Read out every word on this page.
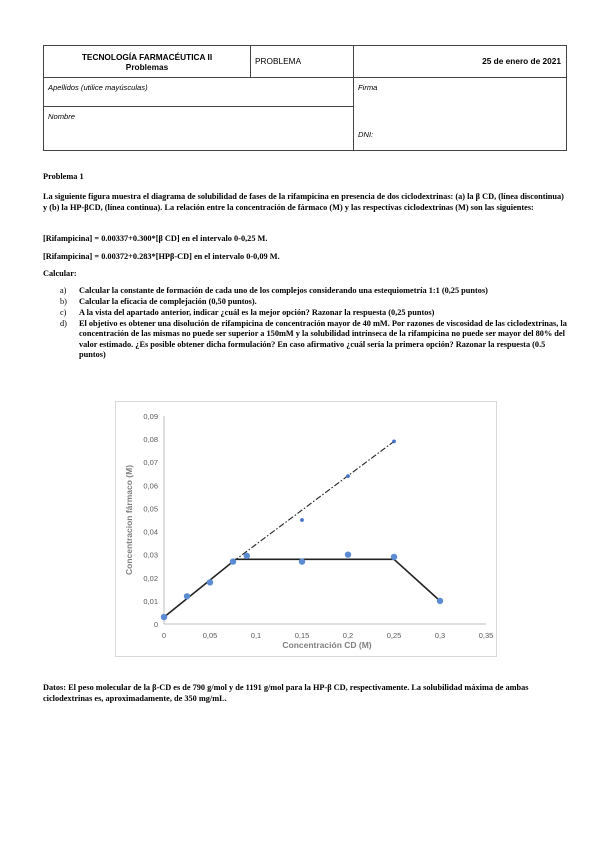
TECNOLOGÍA FARMACÉUTICA II
Problemas	PROBLEMA	25 de enero de 2021
Apellidos (utilice mayúsculas)		Firma
DNI:

Nombre		
Problema 1
La siguiente figura muestra el diagrama de solubilidad de fases de la rifampicina en presencia de dos ciclodextrinas: (a) la β CD, (línea discontinua) y (b) la HP-βCD, (línea continua). La relación entre la concentración de fármaco (M) y las respectivas ciclodextrinas (M) son las siguientes:
[Rifampicina] = 0.00337+0.300*[β CD] en el intervalo 0-0,25 M.
[Rifampicina] = 0.00372+0.283*[HPβ-CD] en el intervalo 0-0,09 M.
Calcular:
a) Calcular la constante de formación de cada uno de los complejos considerando una estequiometría 1:1 (0,25 puntos)
b) Calcular la eficacia de complejación (0,50 puntos).
c) A la vista del apartado anterior, indicar ¿cuál es la mejor opción? Razonar la respuesta (0,25 puntos)
d) El objetivo es obtener una disolución de rifampicina de concentración mayor de 40 mM. Por razones de viscosidad de las ciclodextrinas, la concentración de las mismas no puede ser superior a 150mM y la solubilidad intrínseca de la rifampicina no puede ser mayor del 80% del valor estimado. ¿Es posible obtener dicha formulación? En caso afirmativo ¿cuál sería la primera opción? Razonar la respuesta (0.5 puntos)
Concentracion fármaco (M)
Concentración CD (M)
0
0,01
0,02
0,03
0,04
0,05
0,06
0,07
0,08
0,09
0	0,05	0,1	0,15	0,2	0,25	0,3	0,35
Datos: El peso molecular de la β-CD es de 790 g/mol y de 1191 g/mol para la HP-β CD, respectivamente. La solubilidad máxima de ambas ciclodextrinas es, aproximadamente, de 350 mg/mL.
